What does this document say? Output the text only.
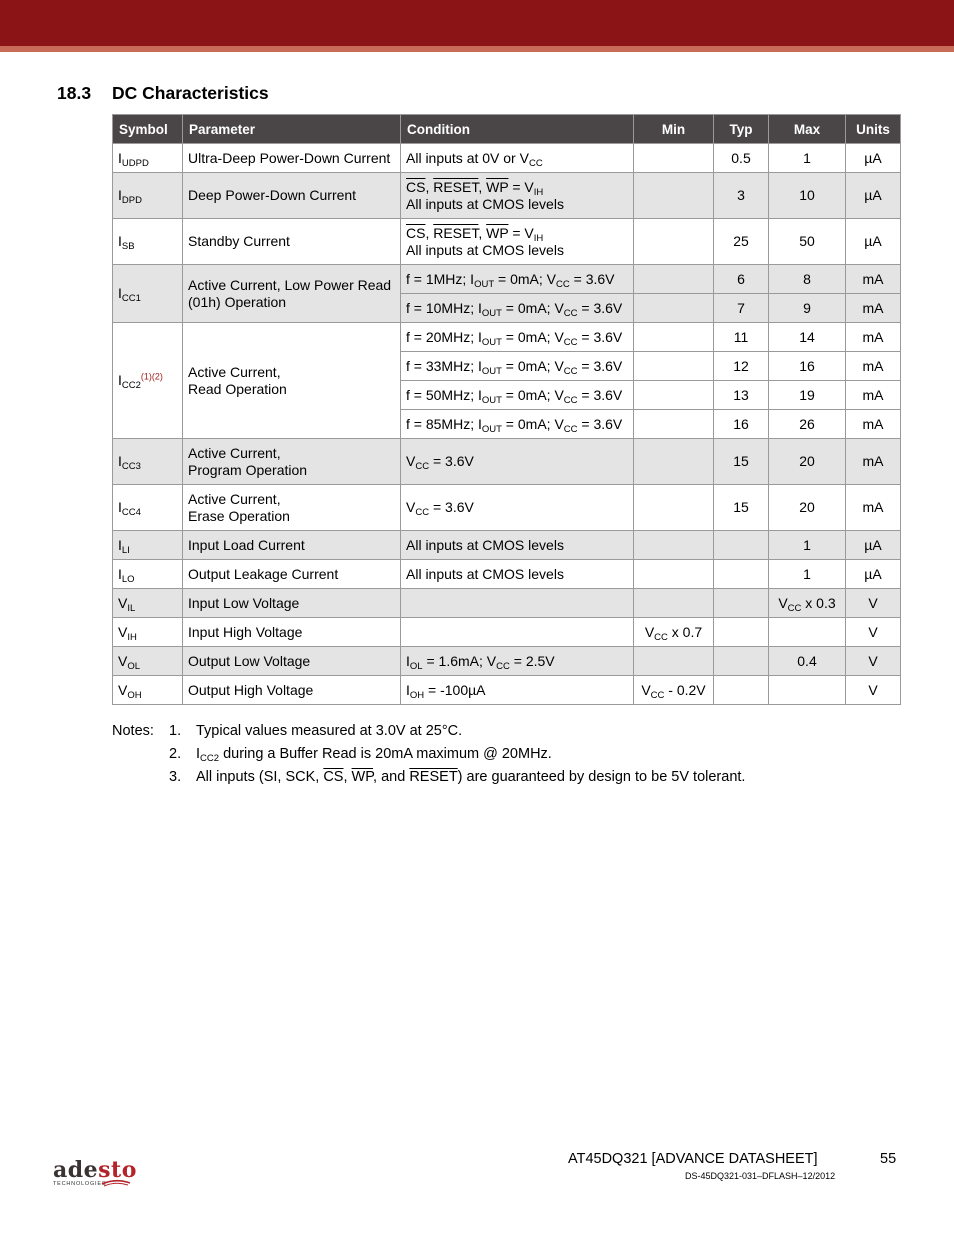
18.3 DC Characteristics
Symbol	Parameter	Condition	Min	Typ	Max	Units
$I_{UDPD}$	Ultra-Deep Power-Down Current	All inputs at 0V or $V_{CC}$		0.5	1	µA
$I_{DPD}$	Deep Power-Down Current	$\overline{CS}$, RESET, $\overline{WP} = V_{IH}$
All inputs at CMOS levels		3	10	µA
$I_{SB}$	Standby Current	$\overline{CS}$, RESET, $\overline{WP} = V_{IH}$
All inputs at CMOS levels		25	50	µA
$I_{CC1}$	Active Current, Low Power Read (01h) Operation	f = 1MHz; $I_{OUT} = 0mA$; $V_{CC} = 3.6V$		6	8	mA
		f = 10MHz; $I_{OUT} = 0mA$; $V_{CC} = 3.6V$		7	9	mA
$I_{CC2}^{(1)(2)}$	Active Current,
Read Operation	f = 20MHz; $I_{OUT} = 0mA$; $V_{CC} = 3.6V$		11	14	mA
		f = 33MHz; $I_{OUT} = 0mA$; $V_{CC} = 3.6V$		12	16	mA
		f = 50MHz; $I_{OUT} = 0mA$; $V_{CC} = 3.6V$		13	19	mA
		f = 85MHz; $I_{OUT} = 0mA$; $V_{CC} = 3.6V$		16	26	mA
$I_{CC3}$	Active Current,
Program Operation	$V_{CC} = 3.6V$		15	20	mA
$I_{CC4}$	Active Current,
Erase Operation	$V_{CC} = 3.6V$		15	20	mA
$I_{LI}$	Input Load Current	All inputs at CMOS levels			1	µA
$I_{LO}$	Output Leakage Current	All inputs at CMOS levels			1	µA
$V_{IL}$	Input Low Voltage				$V_{CC}$ x 0.3	V
$V_{IH}$	Input High Voltage		$V_{CC}$ x 0.7			V
$V_{OL}$	Output Low Voltage	$I_{OL} = 1.6mA$; $V_{CC} = 2.5V$			0.4	V
$V_{OH}$	Output High Voltage	$I_{OH} = -100\mu A$	$V_{CC} - 0.2V$			V
Notes:	1.	Typical values measured at 3.0V at 25°C.
2.	$I_{CC2}$ during a Buffer Read is 20mA maximum @ 20MHz.
3.	All inputs (SI, SCK, $\overline{CS}$, $\overline{WP}$, and RESET) are guaranteed by design to be 5V tolerant.
adesto
TECHNOLOGIES
AT45DQ321 [ADVANCE DATASHEET]	55
DS-45DQ321-031–DFLASH–12/2012
